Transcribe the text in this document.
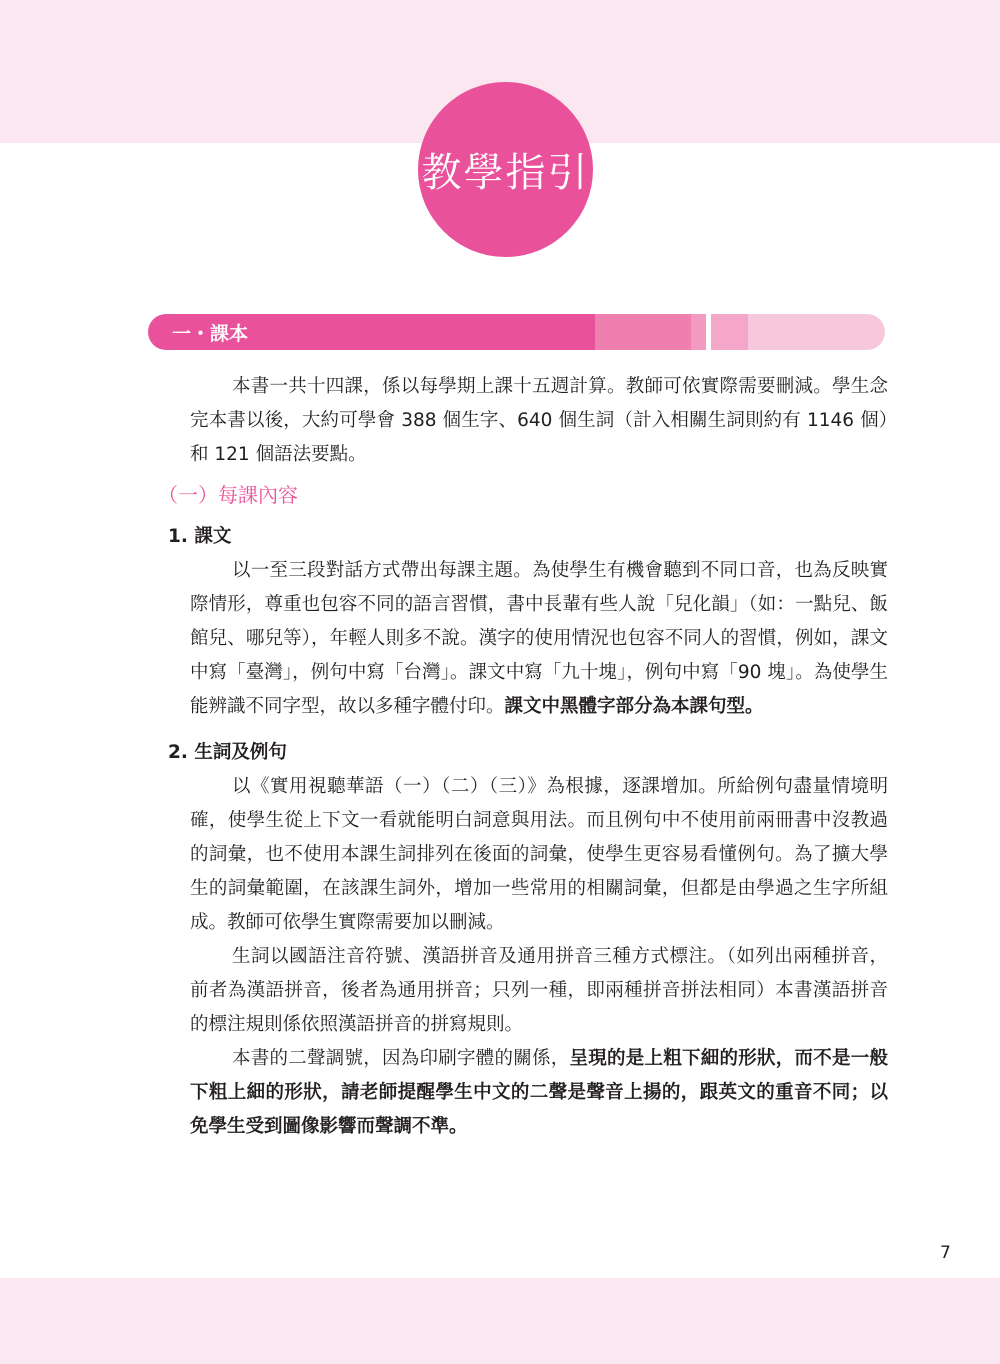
教學指引
一・課本

本書一共十四課，係以每學期上課十五週計算。教師可依實際需要刪減。學生念完本書以後，大約可學會 388 個生字、640 個生詞（計入相關生詞則約有 1146 個）和 121 個語法要點。

（一）每課內容
1. 課文

以一至三段對話方式帶出每課主題。為使學生有機會聽到不同口音，也為反映實際情形，尊重也包容不同的語言習慣，書中長輩有些人說「兒化韻」（如：一點兒、飯館兒、哪兒等），年輕人則多不說。漢字的使用情況也包容不同人的習慣，例如，課文中寫「臺灣」，例句中寫「台灣」。課文中寫「九十塊」，例句中寫「90 塊」。為使學生能辨識不同字型，故以多種字體付印。課文中黑體字部分為本課句型。

2. 生詞及例句

以《實用視聽華語（一）（二）（三）》為根據，逐課增加。所給例句盡量情境明確，使學生從上下文一看就能明白詞意與用法。而且例句中不使用前兩冊書中沒教過的詞彙，也不使用本課生詞排列在後面的詞彙，使學生更容易看懂例句。為了擴大學生的詞彙範圍，在該課生詞外，增加一些常用的相關詞彙，但都是由學過之生字所組成。教師可依學生實際需要加以刪減。

生詞以國語注音符號、漢語拼音及通用拼音三種方式標注。（如列出兩種拼音，前者為漢語拼音，後者為通用拼音；只列一種，即兩種拼音拼法相同）本書漢語拼音的標注規則係依照漢語拼音的拼寫規則。

本書的二聲調號，因為印刷字體的關係，呈現的是上粗下細的形狀，而不是一般下粗上細的形狀，請老師提醒學生中文的二聲是聲音上揚的，跟英文的重音不同；以免學生受到圖像影響而聲調不準。

7
